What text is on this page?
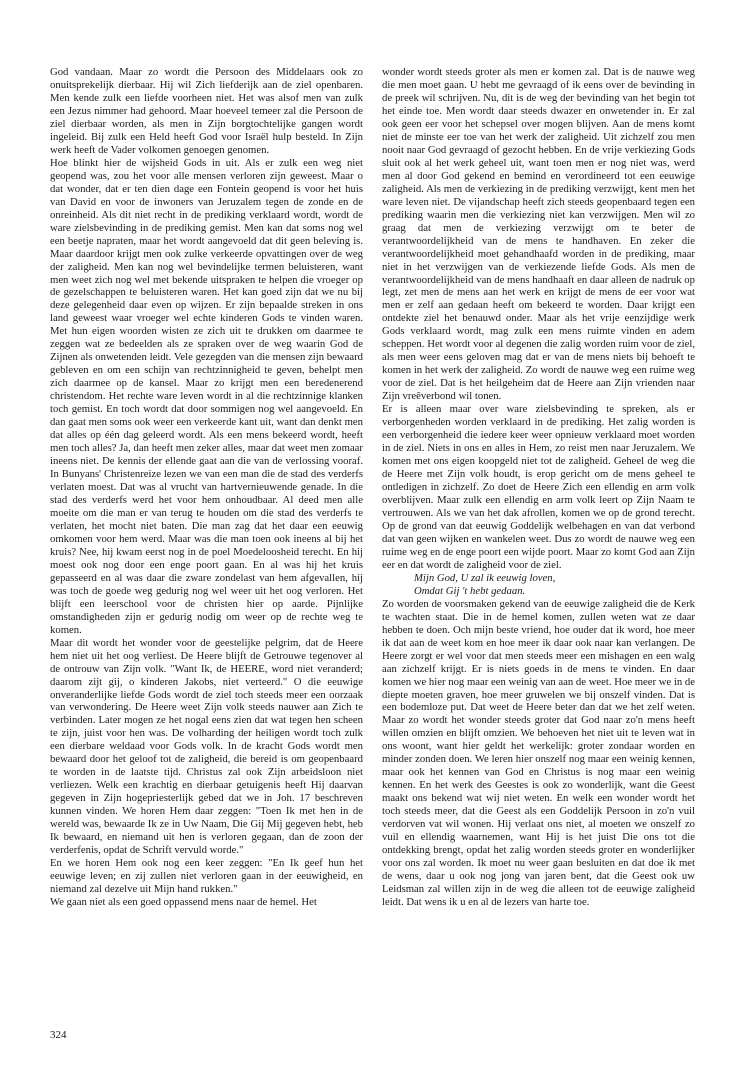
God vandaan. Maar zo wordt die Persoon des Middelaars ook zo onuitsprekelijk dierbaar. Hij wil Zich liefderijk aan de ziel openbaren. Men kende zulk een liefde voorheen niet. Het was alsof men van zulk een Jezus nimmer had gehoord. Maar hoeveel temeer zal die Persoon de ziel dierbaar worden, als men in Zijn borgtochtelijke gangen wordt ingeleid. Bij zulk een Held heeft God voor Israël hulp besteld. In Zijn werk heeft de Vader volkomen genoegen genomen.

Hoe blinkt hier de wijsheid Gods in uit. Als er zulk een weg niet geopend was, zou het voor alle mensen verloren zijn geweest. Maar o dat wonder, dat er ten dien dage een Fontein geopend is voor het huis van David en voor de inwoners van Jeruzalem tegen de zonde en de onreinheid. Als dit niet recht in de prediking verklaard wordt, wordt de ware zielsbevinding in de prediking gemist. Men kan dat soms nog wel een beetje napraten, maar het wordt aangevoeld dat dit geen beleving is. Maar daardoor krijgt men ook zulke verkeerde opvattingen over de weg der zaligheid. Men kan nog wel bevindelijke termen beluisteren, want men weet zich nog wel met bekende uitspraken te helpen die vroeger op de gezelschappen te beluisteren waren. Het kan goed zijn dat we nu bij deze gelegenheid daar even op wijzen. Er zijn bepaalde streken in ons land geweest waar vroeger wel echte kinderen Gods te vinden waren. Met hun eigen woorden wisten ze zich uit te drukken om daarmee te zeggen wat ze bedeelden als ze spraken over de weg waarin God de Zijnen als onwetenden leidt. Vele gezegden van die mensen zijn bewaard gebleven en om een schijn van rechtzinnigheid te geven, behelpt men zich daarmee op de kansel. Maar zo krijgt men een beredenerend christendom. Het rechte ware leven wordt in al die rechtzinnige klanken toch gemist. En toch wordt dat door sommigen nog wel aangevoeld. En dan gaat men soms ook weer een verkeerde kant uit, want dan denkt men dat alles op één dag geleerd wordt. Als een mens bekeerd wordt, heeft men toch alles? Ja, dan heeft men zeker alles, maar dat weet men zomaar ineens niet. De kennis der ellende gaat aan die van de verlossing vooraf. In Bunyans' Christenreize lezen we van een man die de stad des verderfs verlaten moest. Dat was al vrucht van hartvernieuwende genade. In die stad des verderfs werd het voor hem onhoudbaar. Al deed men alle moeite om die man er van terug te houden om die stad des verderfs te verlaten, het mocht niet baten. Die man zag dat het daar een eeuwig omkomen voor hem werd. Maar was die man toen ook ineens al bij het kruis? Nee, hij kwam eerst nog in de poel Moedeloosheid terecht. En hij moest ook nog door een enge poort gaan. En al was hij het kruis gepasseerd en al was daar die zware zondelast van hem afgevallen, hij was toch de goede weg gedurig nog wel weer uit het oog verloren. Het blijft een leerschool voor de christen hier op aarde. Pijnlijke omstandigheden zijn er gedurig nodig om weer op de rechte weg te komen.

Maar dit wordt het wonder voor de geestelijke pelgrim, dat de Heere hem niet uit het oog verliest. De Heere blijft de Getrouwe tegenover al de ontrouw van Zijn volk. "Want Ik, de HEERE, word niet veranderd; daarom zijt gij, o kinderen Jakobs, niet verteerd." O die eeuwige onveranderlijke liefde Gods wordt de ziel toch steeds meer een oorzaak van verwondering. De Heere weet Zijn volk steeds nauwer aan Zich te verbinden. Later mogen ze het nogal eens zien dat wat tegen hen scheen te zijn, juist voor hen was. De volharding der heiligen wordt toch zulk een dierbare weldaad voor Gods volk. In de kracht Gods wordt men bewaard door het geloof tot de zaligheid, die bereid is om geopenbaard te worden in de laatste tijd. Christus zal ook Zijn arbeidsloon niet verliezen. Welk een krachtig en dierbaar getuigenis heeft Hij daarvan gegeven in Zijn hogepriesterlijk gebed dat we in Joh. 17 beschreven kunnen vinden. We horen Hem daar zeggen: "Toen Ik met hen in de wereld was, bewaarde Ik ze in Uw Naam, Die Gij Mij gegeven hebt, heb Ik bewaard, en niemand uit hen is verloren gegaan, dan de zoon der verderfenis, opdat de Schrift vervuld worde."

En we horen Hem ook nog een keer zeggen: "En Ik geef hun het eeuwige leven; en zij zullen niet verloren gaan in der eeuwigheid, en niemand zal dezelve uit Mijn hand rukken."

We gaan niet als een goed oppassend mens naar de hemel. Het

wonder wordt steeds groter als men er komen zal. Dat is de nauwe weg die men moet gaan. U hebt me gevraagd of ik eens over de bevinding in de preek wil schrijven. Nu, dit is de weg der bevinding van het begin tot het einde toe. Men wordt daar steeds dwazer en onwetender in. Er zal ook geen eer voor het schepsel over mogen blijven. Aan de mens komt niet de minste eer toe van het werk der zaligheid. Uit zichzelf zou men nooit naar God gevraagd of gezocht hebben. En de vrije verkiezing Gods sluit ook al het werk geheel uit, want toen men er nog niet was, werd men al door God gekend en bemind en verordineerd tot een eeuwige zaligheid. Als men de verkiezing in de prediking verzwijgt, kent men het ware leven niet. De vijandschap heeft zich steeds geopenbaard tegen een prediking waarin men die verkiezing niet kan verzwijgen. Men wil zo graag dat men de verkiezing verzwijgt om te beter de verantwoordelijkheid van de mens te handhaven. En zeker die verantwoordelijkheid moet gehandhaafd worden in de prediking, maar niet in het verzwijgen van de verkiezende liefde Gods. Als men de verantwoordelijkheid van de mens handhaaft en daar alleen de nadruk op legt, zet men de mens aan het werk en krijgt de mens de eer voor wat men er zelf aan gedaan heeft om bekeerd te worden. Daar krijgt een ontdekte ziel het benauwd onder. Maar als het vrije eenzijdige werk Gods verklaard wordt, mag zulk een mens ruimte vinden en adem scheppen. Het wordt voor al degenen die zalig worden ruim voor de ziel, als men weer eens geloven mag dat er van de mens niets bij behoeft te komen in het werk der zaligheid. Zo wordt de nauwe weg een ruime weg voor de ziel. Dat is het heilgeheim dat de Heere aan Zijn vrienden naar Zijn vreêverbond wil tonen.

Er is alleen maar over ware zielsbevinding te spreken, als er verborgenheden worden verklaard in de prediking. Het zalig worden is een verborgenheid die iedere keer weer opnieuw verklaard moet worden in de ziel. Niets in ons en alles in Hem, zo reist men naar Jeruzalem. We komen met ons eigen koopgeld niet tot de zaligheid. Geheel de weg die de Heere met Zijn volk houdt, is erop gericht om de mens geheel te ontledigen in zichzelf. Zo doet de Heere Zich een ellendig en arm volk overblijven. Maar zulk een ellendig en arm volk leert op Zijn Naam te vertrouwen. Als we van het dak afrollen, komen we op de grond terecht. Op de grond van dat eeuwig Goddelijk welbehagen en van dat verbond dat van geen wijken en wankelen weet. Dus zo wordt de nauwe weg een ruime weg en de enge poort een wijde poort. Maar zo komt God aan Zijn eer en dat wordt de zaligheid voor de ziel.

Mijn God, U zal ik eeuwig loven,

Omdat Gij 't hebt gedaan.

Zo worden de voorsmaken gekend van de eeuwige zaligheid die de Kerk te wachten staat. Die in de hemel komen, zullen weten wat ze daar hebben te doen. Och mijn beste vriend, hoe ouder dat ik word, hoe meer ik dat aan de weet kom en hoe meer ik daar ook naar kan verlangen. De Heere zorgt er wel voor dat men steeds meer een mishagen en een walg aan zichzelf krijgt. Er is niets goeds in de mens te vinden. En daar komen we hier nog maar een weinig van aan de weet. Hoe meer we in de diepte moeten graven, hoe meer gruwelen we bij onszelf vinden. Dat is een bodemloze put. Dat weet de Heere beter dan dat we het zelf weten. Maar zo wordt het wonder steeds groter dat God naar zo'n mens heeft willen omzien en blijft omzien. We behoeven het niet uit te leven wat in ons woont, want hier geldt het werkelijk: groter zondaar worden en minder zonden doen. We leren hier onszelf nog maar een weinig kennen, maar ook het kennen van God en Christus is nog maar een weinig kennen. En het werk des Geestes is ook zo wonderlijk, want die Geest maakt ons bekend wat wij niet weten. En welk een wonder wordt het toch steeds meer, dat die Geest als een Goddelijk Persoon in zo'n vuil verdorven vat wil wonen. Hij verlaat ons niet, al moeten we onszelf zo vuil en ellendig waarnemen, want Hij is het juist Die ons tot die ontdekking brengt, opdat het zalig worden steeds groter en wonderlijker voor ons zal worden. Ik moet nu weer gaan besluiten en dat doe ik met de wens, daar u ook nog jong van jaren bent, dat die Geest ook uw Leidsman zal willen zijn in de weg die alleen tot de eeuwige zaligheid leidt. Dat wens ik u en al de lezers van harte toe.

324
